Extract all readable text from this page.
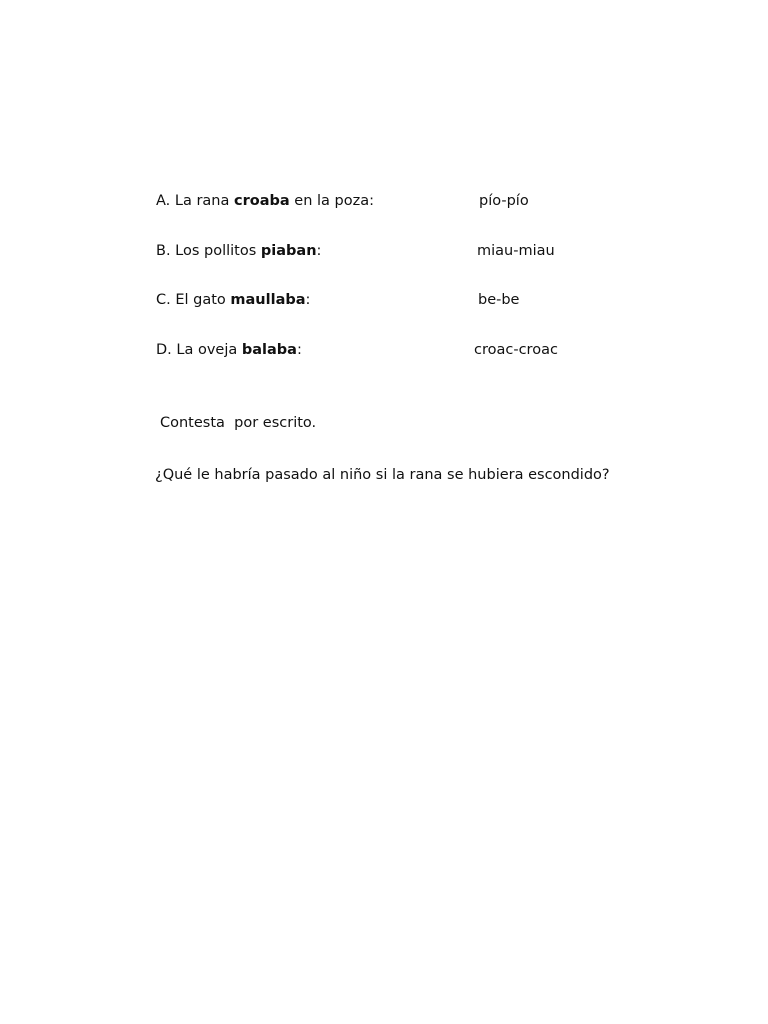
A. La rana croaba en la poza:	pío-pío
B. Los pollitos piaban:	miau-miau
C. El gato maullaba:	be-be
D. La oveja balaba:	croac-croac
Contesta  por escrito.
¿Qué le habría pasado al niño si la rana se hubiera escondido?
